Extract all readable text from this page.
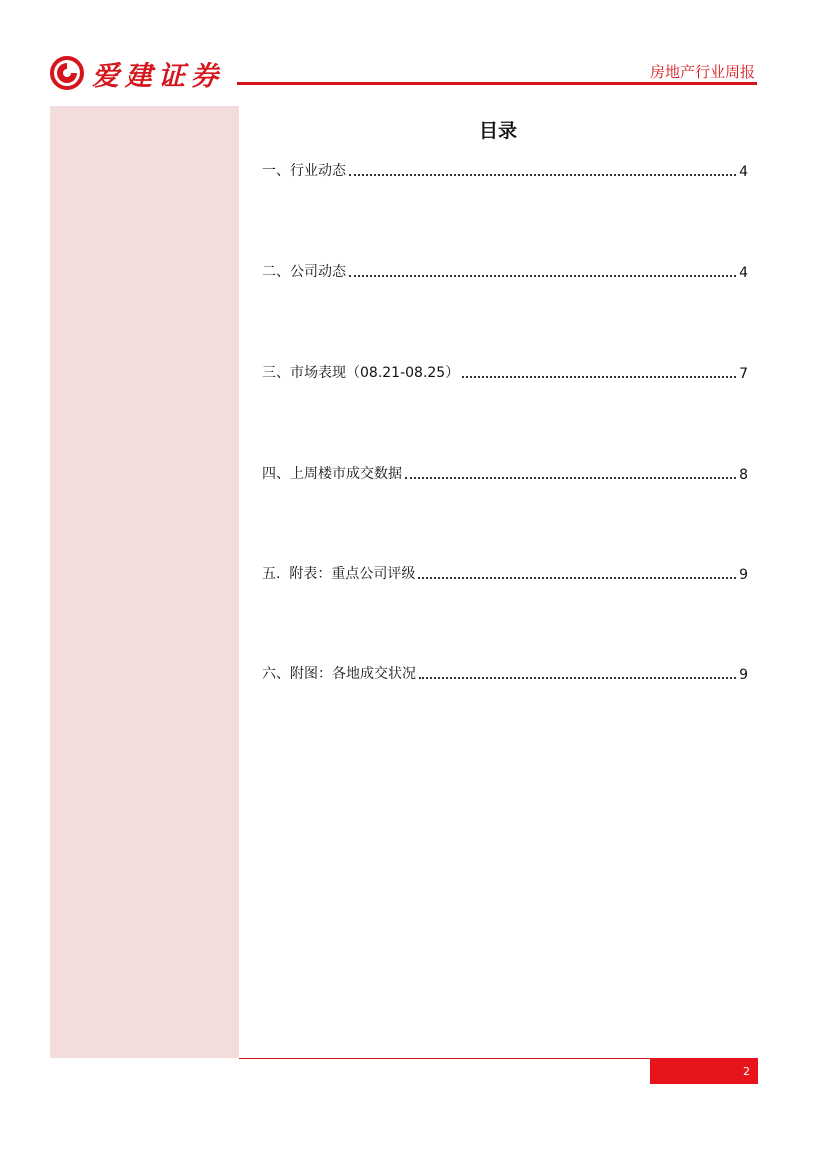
爱建证券	房地产行业周报
目录
一、行业动态	4
二、公司动态	4
三、市场表现（08.21-08.25）	7
四、上周楼市成交数据	8
五.  附表：重点公司评级	9
六、附图：各地成交状况	9
2
